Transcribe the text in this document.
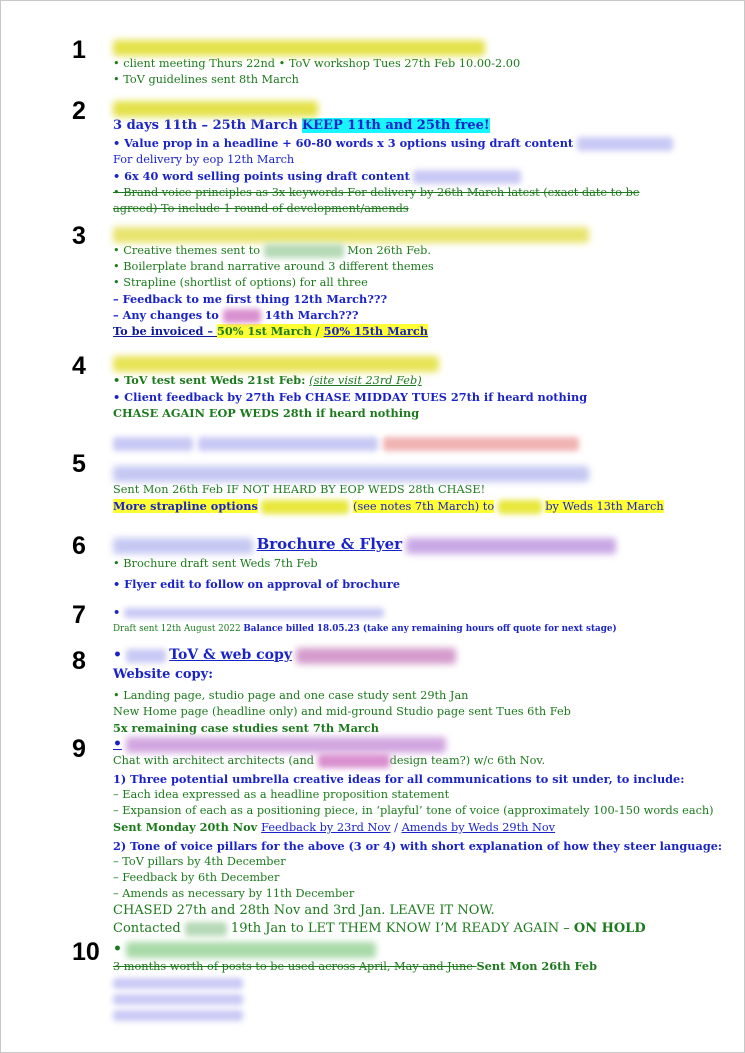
1	• client meeting Thurs 22nd • ToV workshop Tues 27th Feb 10.00-2.00
• ToV guidelines sent 8th March
2
3 days 11th – 25th March KEEP 11th and 25th free!
• Value prop in a headline + 60-80 words x 3 options using draft content
For delivery by eop 12th March
• 6x 40 word selling points using draft content
• Brand voice principles as 3x keywords For delivery by 26th March latest (exact date to be
agreed) To include 1 round of development/amends
3
• Creative themes sent to	Mon 26th Feb.
• Boilerplate brand narrative around 3 different themes
• Strapline (shortlist of options) for all three
– Feedback to me first thing 12th March???
– Any changes to	14th March???
To be invoiced – 50% 1st March / 50% 15th March
4	• ToV test sent Weds 21st Feb: (site visit 23rd Feb)
• Client feedback by 27th Feb CHASE MIDDAY TUES 27th if heard nothing
CHASE AGAIN EOP WEDS 28th if heard nothing

5
Sent Mon 26th Feb IF NOT HEARD BY EOP WEDS 28th CHASE!
More strapline options	(see notes 7th March) to	by Weds 13th March
6	Brochure & Flyer
• Brochure draft sent Weds 7th Feb
• Flyer edit to follow on approval of brochure
7	•
Draft sent 12th August 2022 Balance billed 18.05.23 (take any remaining hours off quote for next stage)
8	•	ToV & web copy
Website copy:
• Landing page, studio page and one case study sent 29th Jan
New Home page (headline only) and mid-ground Studio page sent Tues 6th Feb
5x remaining case studies sent 7th March
9	•
Chat with architect architects (and	design team?) w/c 6th Nov.
1) Three potential umbrella creative ideas for all communications to sit under, to include:
– Each idea expressed as a headline proposition statement
– Expansion of each as a positioning piece, in ‘playful’ tone of voice (approximately 100-150 words each)
Sent Monday 20th Nov Feedback by 23rd Nov / Amends by Weds 29th Nov
2) Tone of voice pillars for the above (3 or 4) with short explanation of how they steer language:
– ToV pillars by 4th December
– Feedback by 6th December
– Amends as necessary by 11th December
CHASED 27th and 28th Nov and 3rd Jan. LEAVE IT NOW.
Contacted	19th Jan to LET THEM KNOW I’M READY AGAIN – ON HOLD
10 •
3 months worth of posts to be used across April, May and June Sent Mon 26th Feb
